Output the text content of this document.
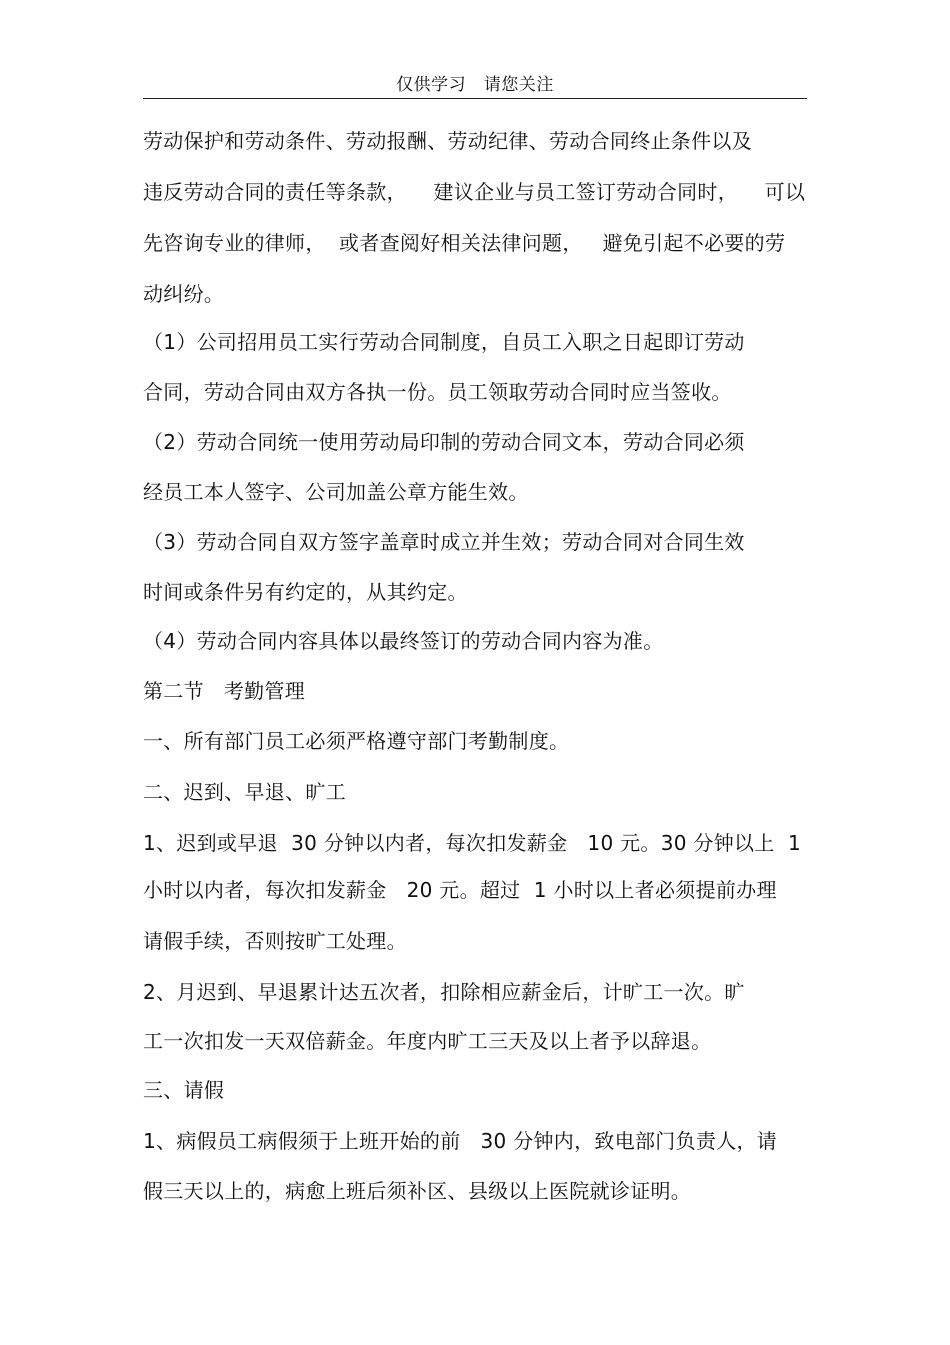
仅供学习   请您关注
劳动保护和劳动条件、劳动报酬、劳动纪律、劳动合同终止条件以及
违反劳动合同的责任等条款，    建议企业与员工签订劳动合同时，    可以
先咨询专业的律师，  或者查阅好相关法律问题，   避免引起不必要的劳
动纠纷。
（1）公司招用员工实行劳动合同制度，自员工入职之日起即订劳动
合同，劳动合同由双方各执一份。员工领取劳动合同时应当签收。
（2）劳动合同统一使用劳动局印制的劳动合同文本，劳动合同必须
经员工本人签字、公司加盖公章方能生效。
（3）劳动合同自双方签字盖章时成立并生效；劳动合同对合同生效
时间或条件另有约定的，从其约定。
（4）劳动合同内容具体以最终签订的劳动合同内容为准。
第二节   考勤管理
一、所有部门员工必须严格遵守部门考勤制度。
二、迟到、早退、旷工
1、迟到或早退  30 分钟以内者，每次扣发薪金   10 元。30 分钟以上  1
小时以内者，每次扣发薪金   20 元。超过  1 小时以上者必须提前办理
请假手续，否则按旷工处理。
2、月迟到、早退累计达五次者，扣除相应薪金后，计旷工一次。旷
工一次扣发一天双倍薪金。年度内旷工三天及以上者予以辞退。
三、请假
1、病假员工病假须于上班开始的前   30 分钟内，致电部门负责人，请
假三天以上的，病愈上班后须补区、县级以上医院就诊证明。
